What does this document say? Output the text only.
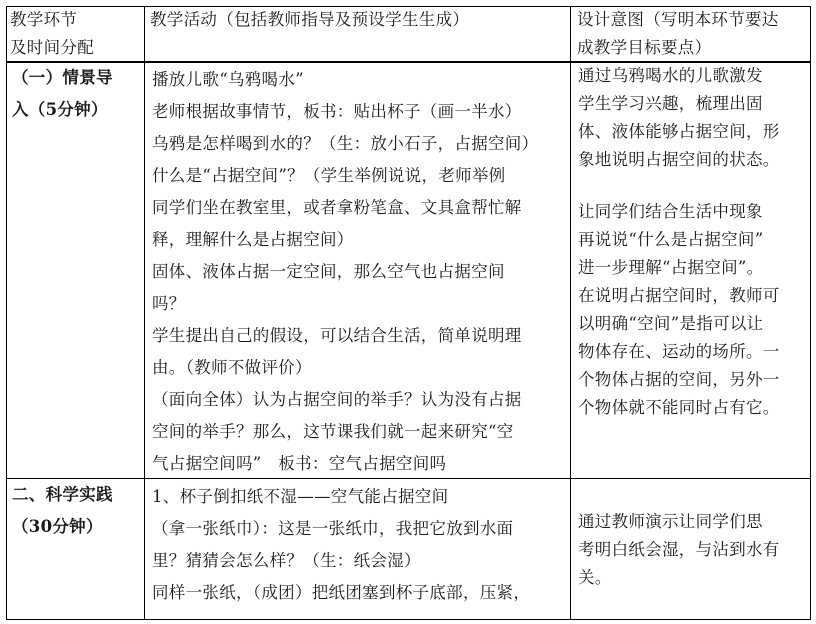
教学环节
及时间分配
教学活动（包括教师指导及预设学生生成）	设计意图（写明本环节要达
成教学目标要点）
（一）情景导
入（5分钟）
播放儿歌“乌鸦喝水”
老师根据故事情节，板书：贴出杯子（画一半水）
乌鸦是怎样喝到水的？（生：放小石子，占据空间）
什么是“占据空间”？（学生举例说说，老师举例
同学们坐在教室里，或者拿粉笔盒、文具盒帮忙解
释，理解什么是占据空间）
固体、液体占据一定空间，那么空气也占据空间
吗？
学生提出自己的假设，可以结合生活，简单说明理
由。（教师不做评价）
（面向全体）认为占据空间的举手？认为没有占据
空间的举手？那么，这节课我们就一起来研究“空
气占据空间吗”　板书：空气占据空间吗
通过乌鸦喝水的儿歌激发
学生学习兴趣，梳理出固
体、液体能够占据空间，形
象地说明占据空间的状态。
让同学们结合生活中现象
再说说“什么是占据空间”
进一步理解“占据空间”。
在说明占据空间时，教师可
以明确“空间”是指可以让
物体存在、运动的场所。一
个物体占据的空间，另外一
个物体就不能同时占有它。
二、科学实践
（30分钟）
1、杯子倒扣纸不湿——空气能占据空间
（拿一张纸巾）：这是一张纸巾，我把它放到水面
里？猜猜会怎么样？（生：纸会湿）
同样一张纸，（成团）把纸团塞到杯子底部，压紧，
通过教师演示让同学们思
考明白纸会湿，与沾到水有
关。
